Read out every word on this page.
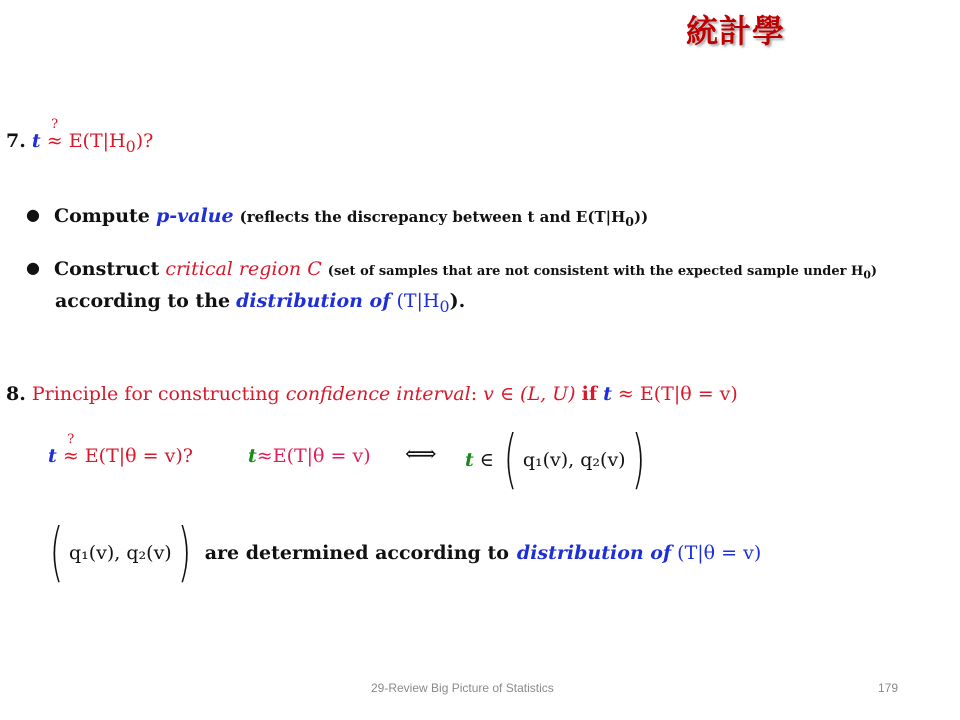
統計學
7. t
?
≈ $E(T|H_0)$?
● Compute p-value (reflects the discrepancy between t and $E(T|H_0)$)
● Construct critical region C (set of samples that are not consistent with the expected sample under $H_0$)
according to the distribution of $(T|H_0)$.
8. Principle for constructing confidence interval: v ∈ (L, U) if t ≈ E(T|θ = v)
t
?
≈ E(T|θ = v)?	t≈E(T|θ = v) ⟺ t ∈ ( q₁(v), q₂(v) )
( q₁(v), q₂(v) ) are determined according to distribution of (T|θ = v)
29-Review Big Picture of Statistics	179
